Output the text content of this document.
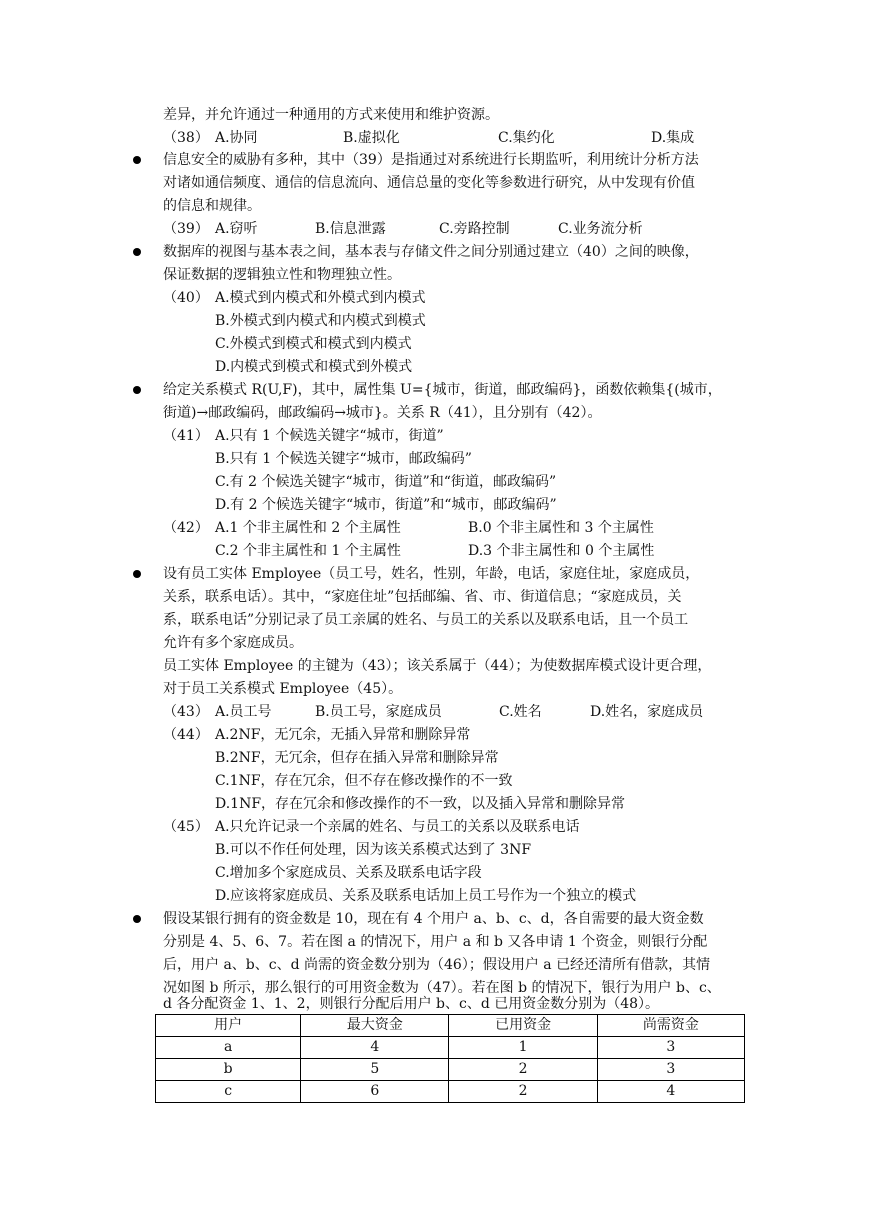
差异，并允许通过一种通用的方式来使用和维护资源。
（38） A.协同	B.虚拟化	C.集约化	D.集成
信息安全的威胁有多种，其中（39）是指通过对系统进行长期监听，利用统计分析方法
对诸如通信频度、通信的信息流向、通信总量的变化等参数进行研究，从中发现有价值
的信息和规律。
（39） A.窃听	B.信息泄露	C.旁路控制	C.业务流分析
数据库的视图与基本表之间，基本表与存储文件之间分别通过建立（40）之间的映像，
保证数据的逻辑独立性和物理独立性。
（40） A.模式到内模式和外模式到内模式
B.外模式到内模式和内模式到模式
C.外模式到模式和模式到内模式
D.内模式到模式和模式到外模式
给定关系模式 R(U,F)，其中，属性集 U={城市，街道，邮政编码}，函数依赖集{(城市，
街道)→邮政编码，邮政编码→城市}。关系 R（41），且分别有（42）。
（41） A.只有 1 个候选关键字“城市，街道”
B.只有 1 个候选关键字“城市，邮政编码”
C.有 2 个候选关键字“城市，街道”和“街道，邮政编码”
D.有 2 个候选关键字“城市，街道”和“城市，邮政编码”
（42） A.1 个非主属性和 2 个主属性	B.0 个非主属性和 3 个主属性
C.2 个非主属性和 1 个主属性	D.3 个非主属性和 0 个主属性
设有员工实体 Employee（员工号，姓名，性别，年龄，电话，家庭住址，家庭成员，
关系，联系电话）。其中，“家庭住址”包括邮编、省、市、街道信息；“家庭成员，关
系，联系电话”分别记录了员工亲属的姓名、与员工的关系以及联系电话，且一个员工
允许有多个家庭成员。
员工实体 Employee 的主键为（43）；该关系属于（44）；为使数据库模式设计更合理，
对于员工关系模式 Employee（45）。
（43） A.员工号	B.员工号，家庭成员	C.姓名	D.姓名，家庭成员
（44） A.2NF，无冗余，无插入异常和删除异常
B.2NF，无冗余，但存在插入异常和删除异常
C.1NF，存在冗余，但不存在修改操作的不一致
D.1NF，存在冗余和修改操作的不一致，以及插入异常和删除异常
（45） A.只允许记录一个亲属的姓名、与员工的关系以及联系电话
B.可以不作任何处理，因为该关系模式达到了 3NF
C.增加多个家庭成员、关系及联系电话字段
D.应该将家庭成员、关系及联系电话加上员工号作为一个独立的模式
假设某银行拥有的资金数是 10，现在有 4 个用户 a、b、c、d，各自需要的最大资金数
分别是 4、5、6、7。若在图 a 的情况下，用户 a 和 b 又各申请 1 个资金，则银行分配
后，用户 a、b、c、d 尚需的资金数分别为（46）；假设用户 a 已经还清所有借款，其情
况如图 b 所示，那么银行的可用资金数为（47）。若在图 b 的情况下，银行为用户 b、c、
d 各分配资金 1、1、2，则银行分配后用户 b、c、d 已用资金数分别为（48）。
用户	最大资金	已用资金	尚需资金
a	4	1	3
b	5	2	3
c	6	2	4
